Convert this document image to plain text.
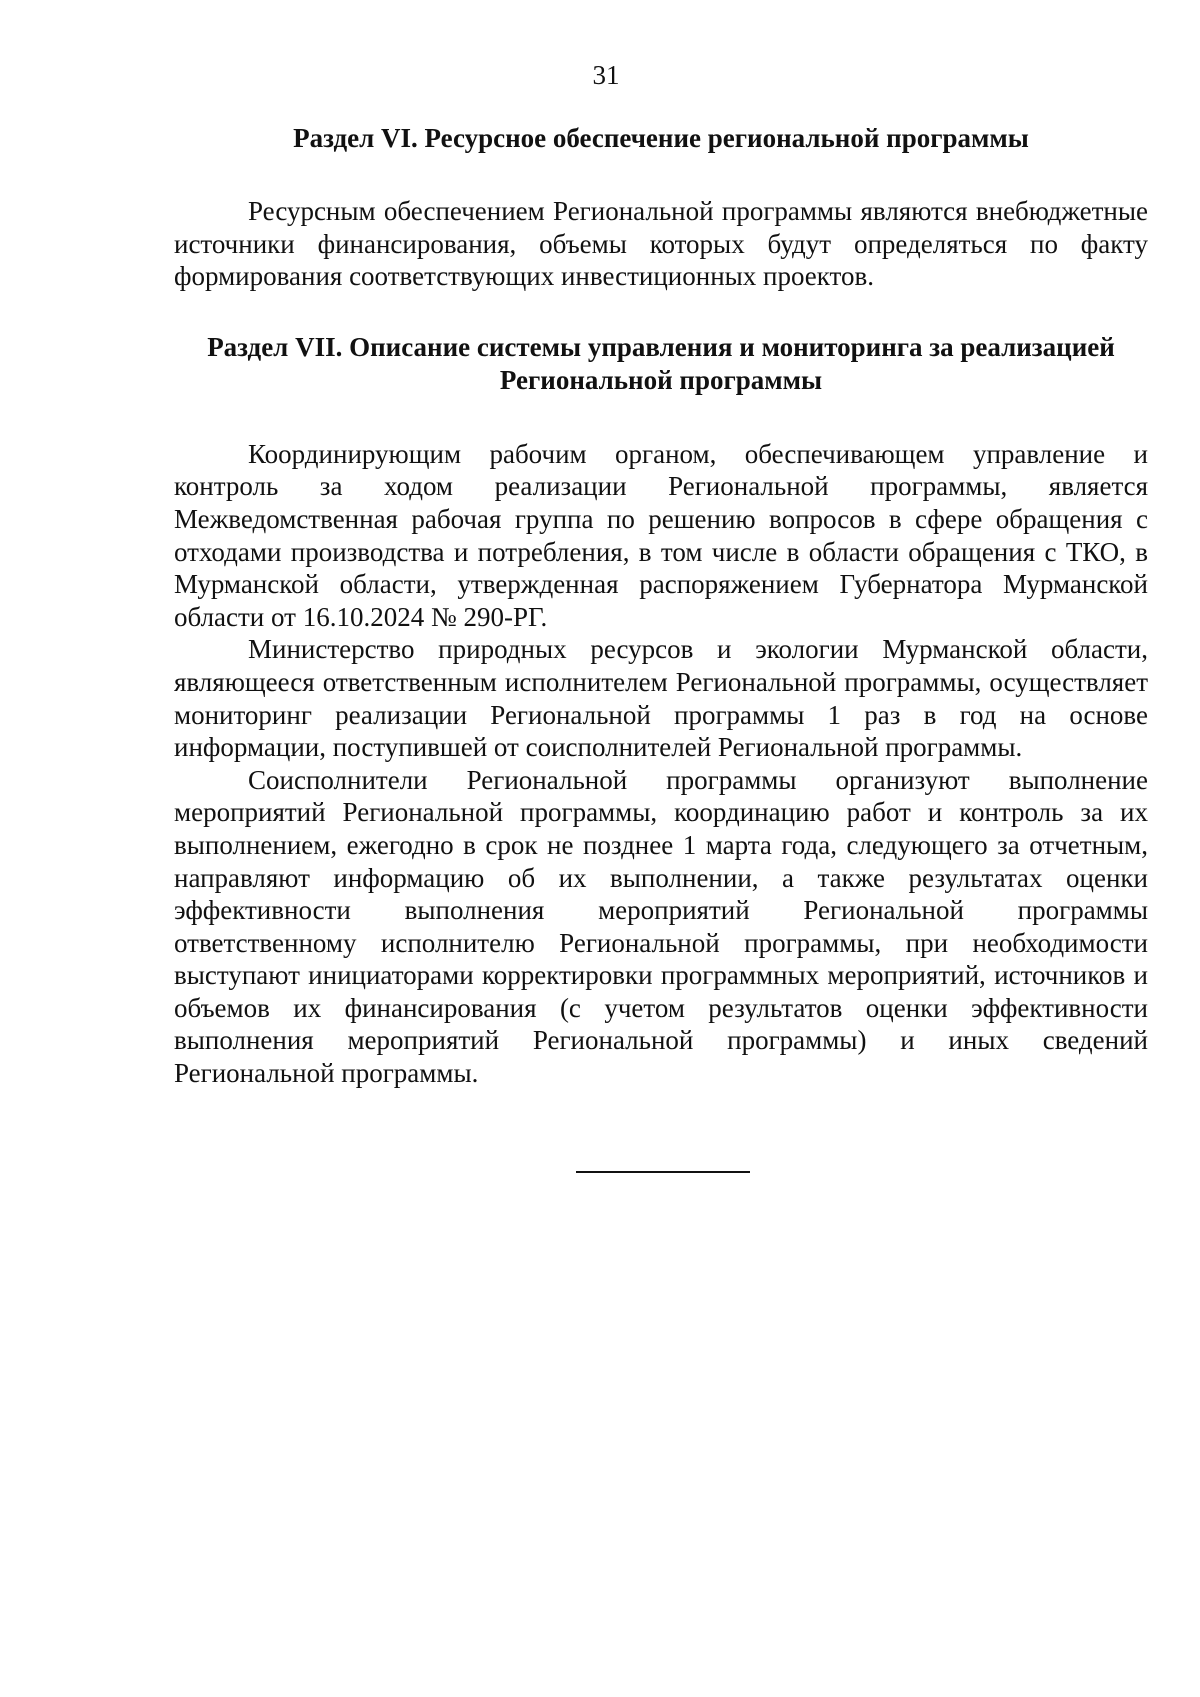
31
Раздел VI. Ресурсное обеспечение региональной программы

Ресурсным обеспечением Региональной программы являются внебюджетные источники финансирования, объемы которых будут определяться по факту формирования соответствующих инвестиционных проектов.

Раздел VII. Описание системы управления и мониторинга за реализацией
Региональной программы

Координирующим рабочим органом, обеспечивающем управление и контроль за ходом реализации Региональной программы, является Межведомственная рабочая группа по решению вопросов в сфере обращения с отходами производства и потребления, в том числе в области обращения с ТКО, в Мурманской области, утвержденная распоряжением Губернатора Мурманской области от 16.10.2024 № 290-РГ.

Министерство природных ресурсов и экологии Мурманской области, являющееся ответственным исполнителем Региональной программы, осуществляет мониторинг реализации Региональной программы 1 раз в год на основе информации, поступившей от соисполнителей Региональной программы.

Соисполнители Региональной программы организуют выполнение мероприятий Региональной программы, координацию работ и контроль за их выполнением, ежегодно в срок не позднее 1 марта года, следующего за отчетным, направляют информацию об их выполнении, а также результатах оценки эффективности выполнения мероприятий Региональной программы ответственному исполнителю Региональной программы, при необходимости выступают инициаторами корректировки программных мероприятий, источников и объемов их финансирования (с учетом результатов оценки эффективности выполнения мероприятий Региональной программы) и иных сведений Региональной программы.
